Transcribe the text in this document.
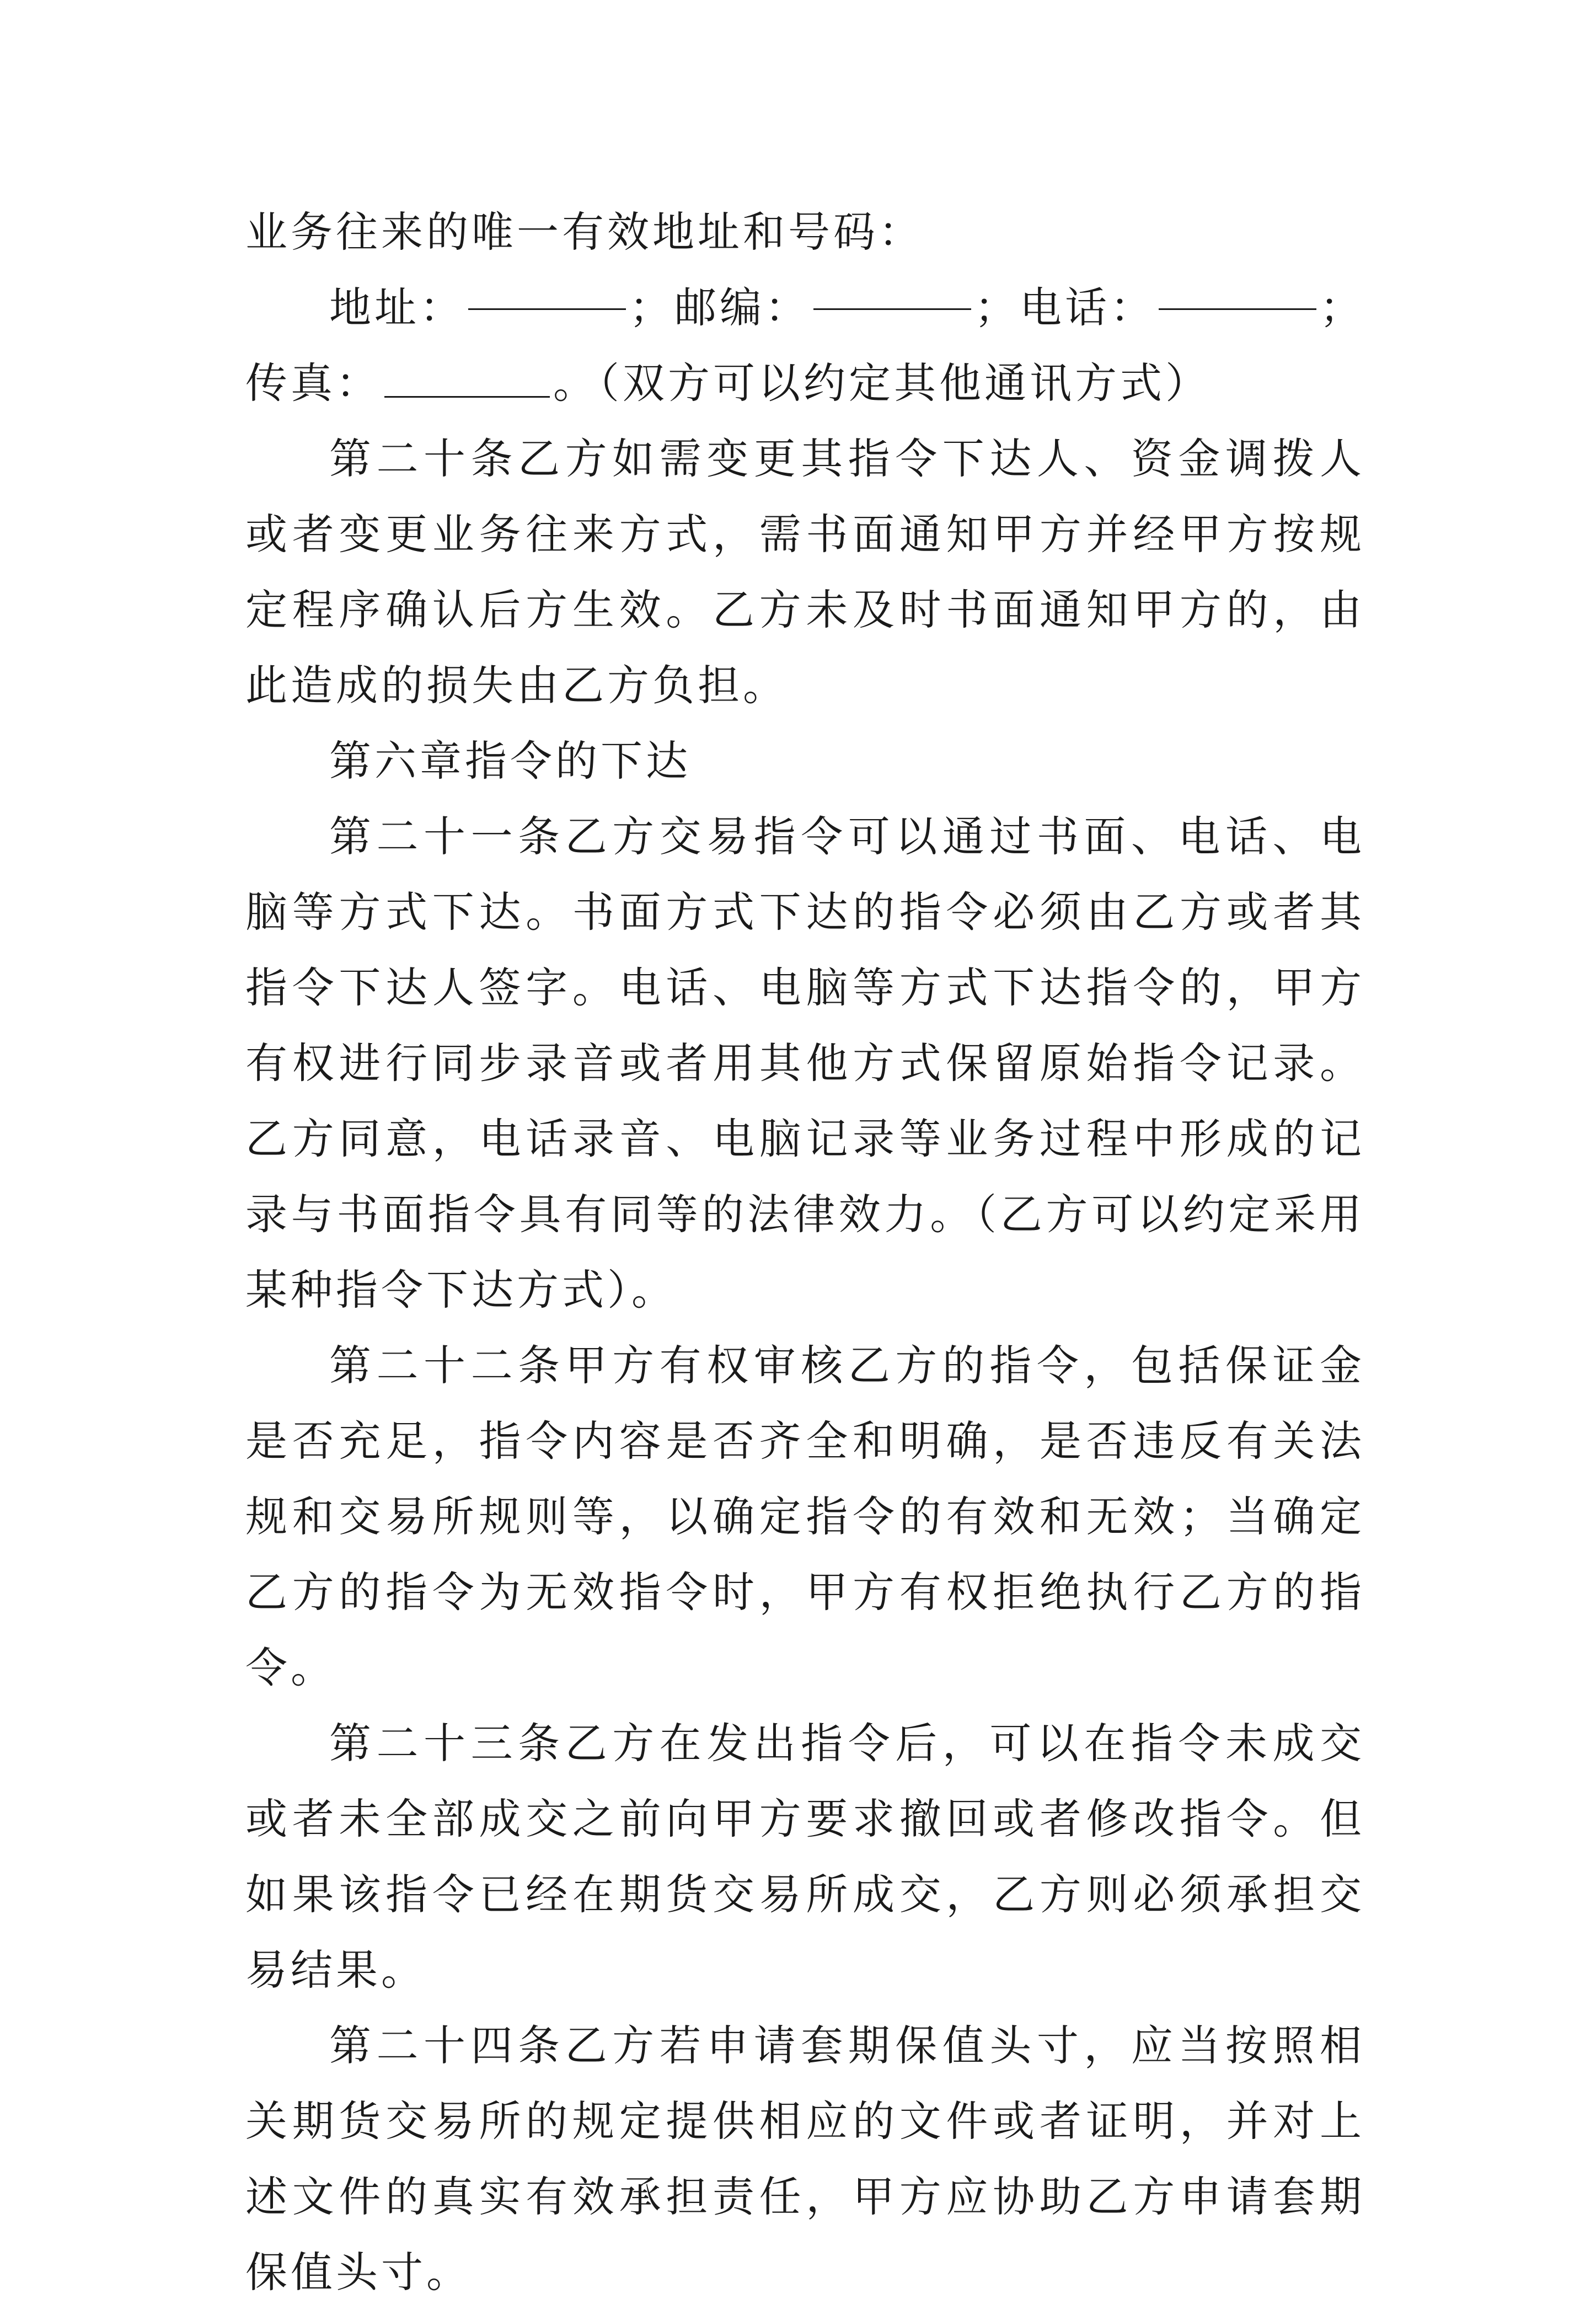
业务往来的唯一有效地址和号码：

地址：	；邮编：	；电话：	；

传真：	。（双方可以约定其他通讯方式）

第二十条乙方如需变更其指令下达人、资金调拨人或者变更业务往来方式，需书面通知甲方并经甲方按规定程序确认后方生效。乙方未及时书面通知甲方的，由此造成的损失由乙方负担。

第六章指令的下达

第二十一条乙方交易指令可以通过书面、电话、电脑等方式下达。书面方式下达的指令必须由乙方或者其指令下达人签字。电话、电脑等方式下达指令的，甲方有权进行同步录音或者用其他方式保留原始指令记录。乙方同意，电话录音、电脑记录等业务过程中形成的记录与书面指令具有同等的法律效力。（乙方可以约定采用某种指令下达方式）。

第二十二条甲方有权审核乙方的指令，包括保证金是否充足，指令内容是否齐全和明确，是否违反有关法规和交易所规则等，以确定指令的有效和无效；当确定乙方的指令为无效指令时，甲方有权拒绝执行乙方的指令。

第二十三条乙方在发出指令后，可以在指令未成交或者未全部成交之前向甲方要求撤回或者修改指令。但如果该指令已经在期货交易所成交，乙方则必须承担交易结果。

第二十四条乙方若申请套期保值头寸，应当按照相关期货交易所的规定提供相应的文件或者证明，并对上述文件的真实有效承担责任，甲方应协助乙方申请套期保值头寸。
